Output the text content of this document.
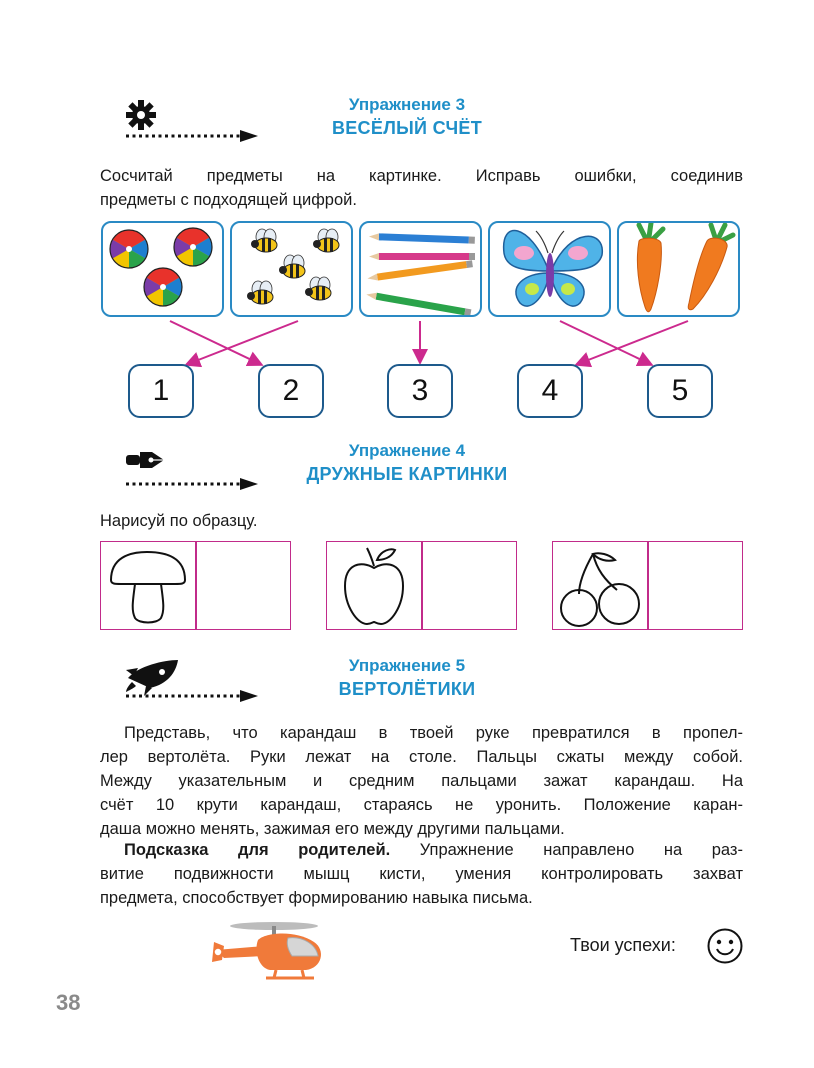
Упражнение 3
ВЕСЁЛЫЙ СЧЁТ
Сосчитай предметы на картинке. Исправь ошибки, соединив
предметы с подходящей цифрой.
1	2	3	4	5
Упражнение 4
ДРУЖНЫЕ КАРТИНКИ
Нарисуй по образцу.
Упражнение 5
ВЕРТОЛЁТИКИ
Представь, что карандаш в твоей руке превратился в пропел-
лер вертолёта. Руки лежат на столе. Пальцы сжаты между собой.
Между указательным и средним пальцами зажат карандаш. На
счёт 10 крути карандаш, стараясь не уронить. Положение каран-
даша можно менять, зажимая его между другими пальцами.
Подсказка для родителей. Упражнение направлено на раз-
витие подвижности мышц кисти, умения контролировать захват
предмета, способствует формированию навыка письма.
Твои успехи:
38
